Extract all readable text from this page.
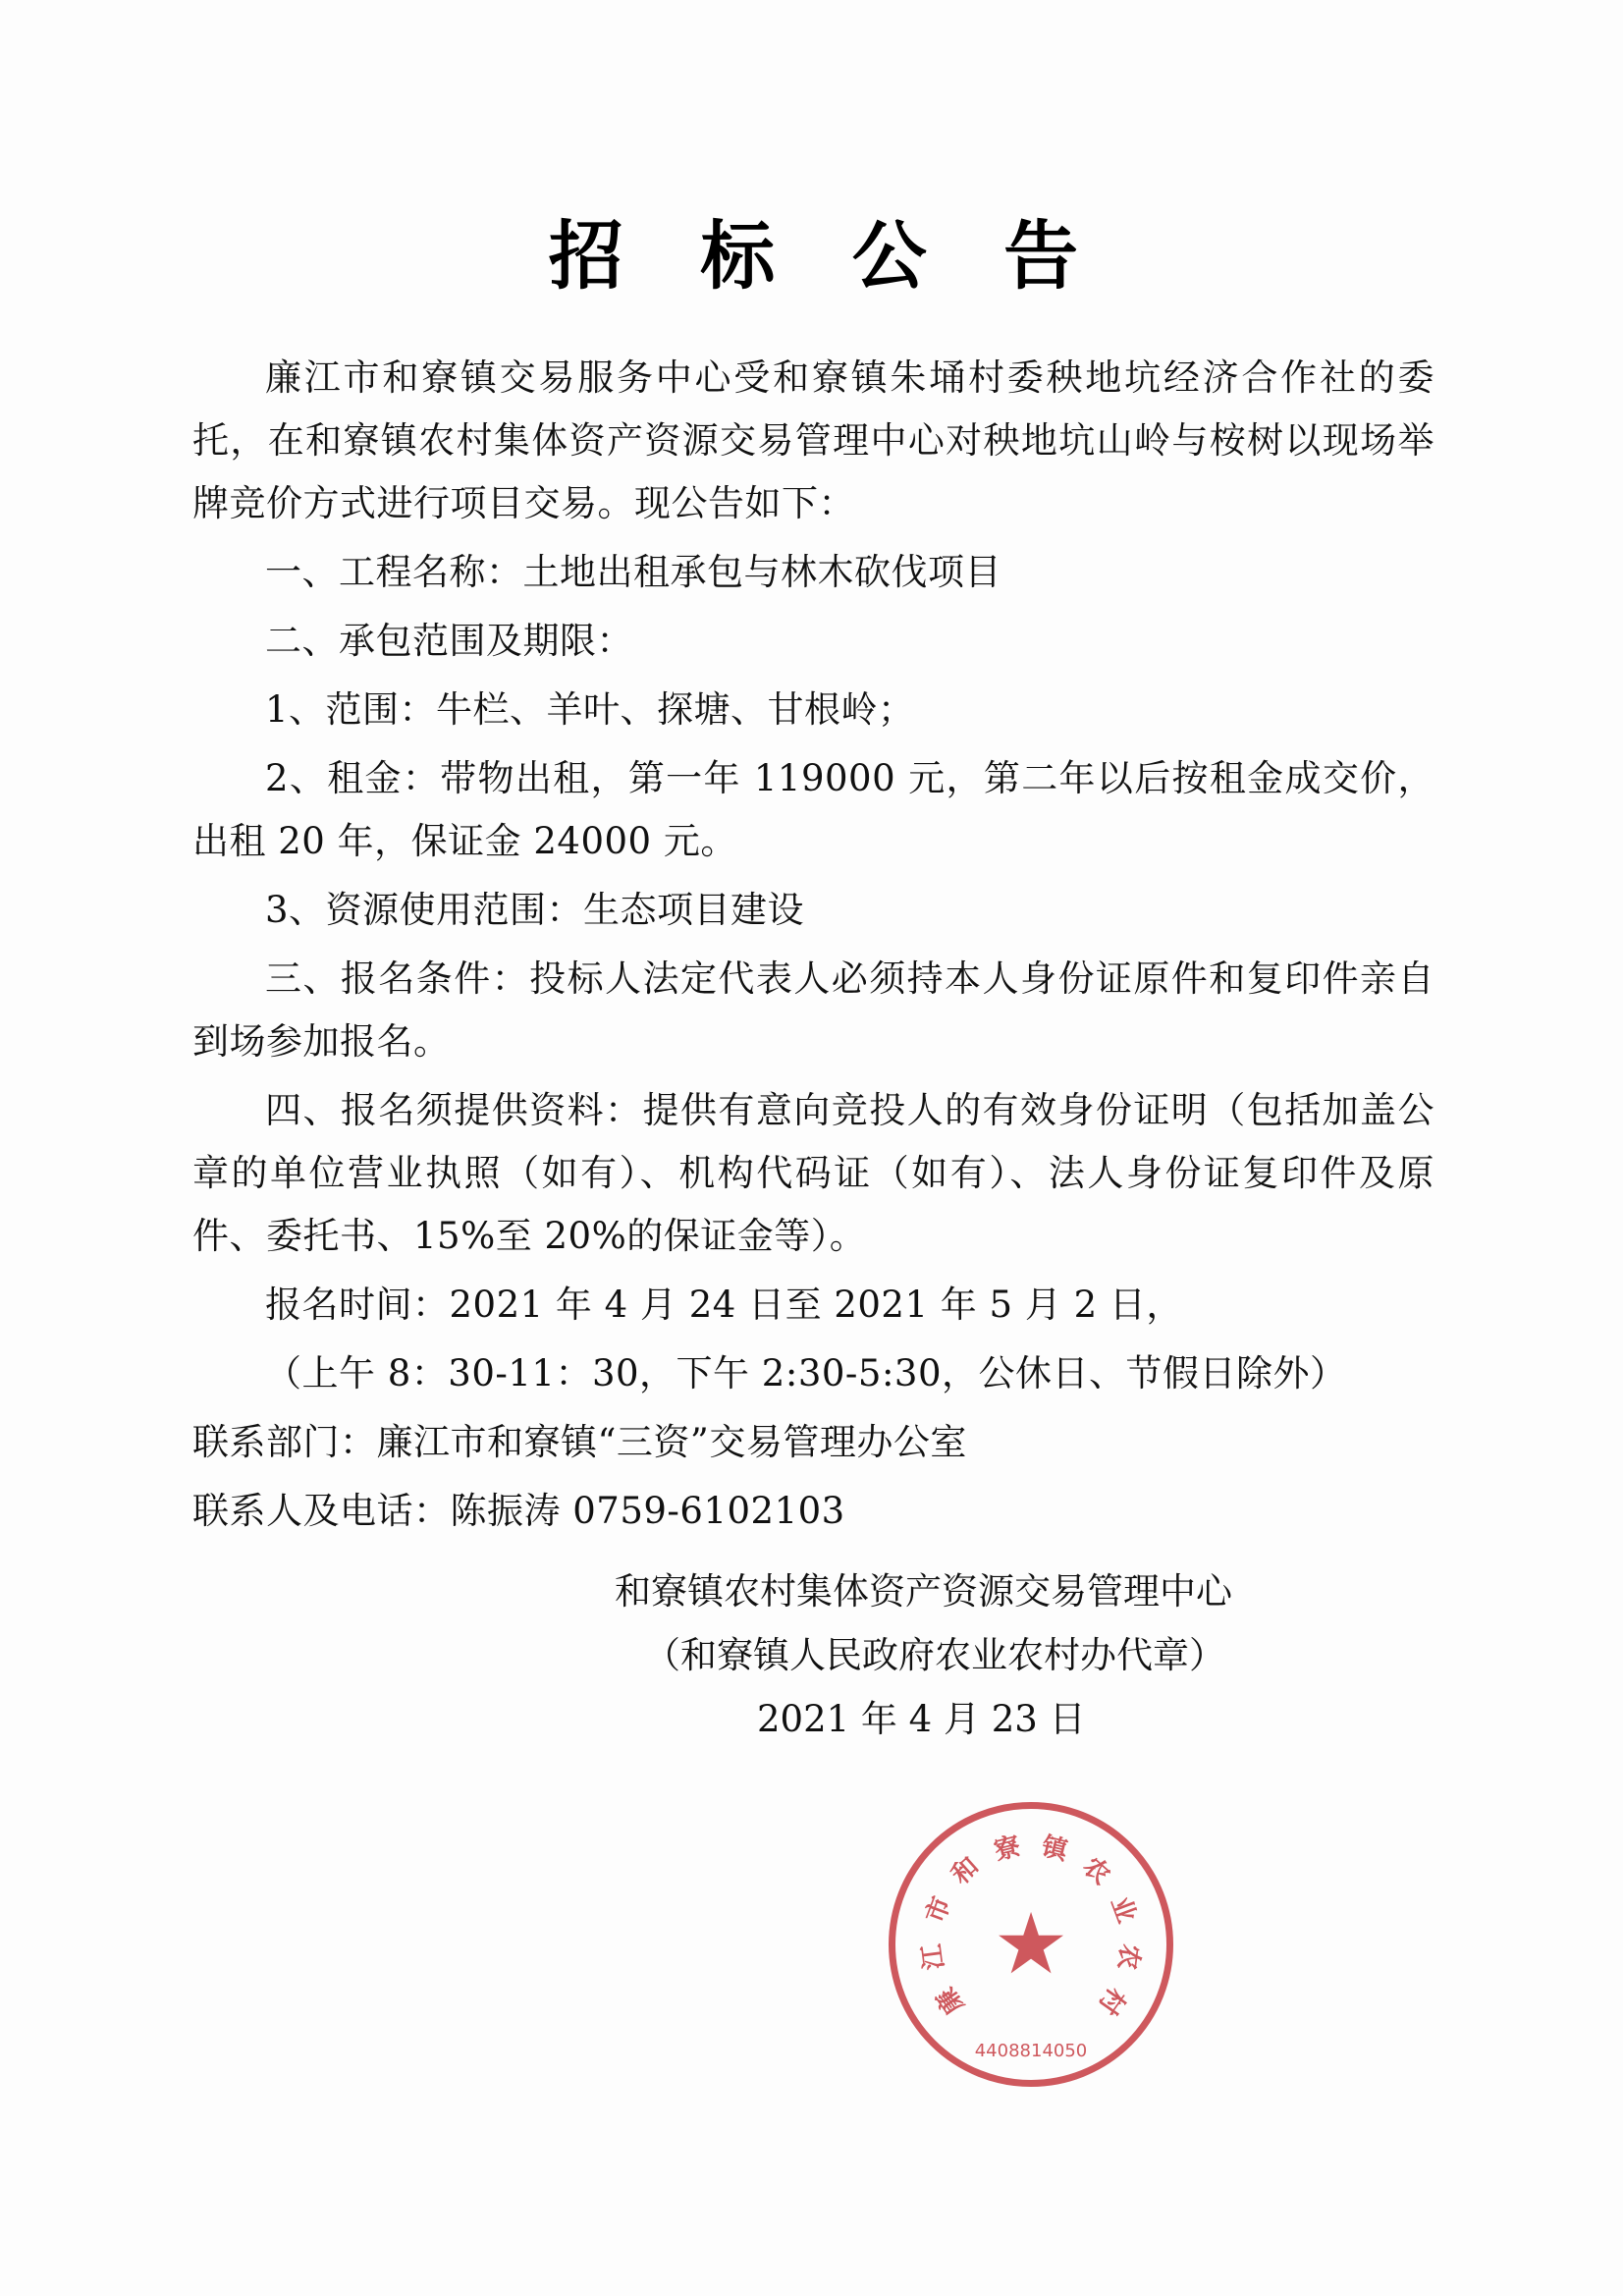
招 标 公 告

廉江市和寮镇交易服务中心受和寮镇朱埇村委秧地坑经济合作社的委托，在和寮镇农村集体资产资源交易管理中心对秧地坑山岭与桉树以现场举牌竞价方式进行项目交易。现公告如下：

一、工程名称：土地出租承包与林木砍伐项目

二、承包范围及期限：

1、范围：牛栏、羊叶、探塘、甘根岭；

2、租金：带物出租，第一年 119000 元，第二年以后按租金成交价，出租 20 年，保证金 24000 元。

3、资源使用范围：生态项目建设

三、报名条件：投标人法定代表人必须持本人身份证原件和复印件亲自到场参加报名。

四、报名须提供资料：提供有意向竞投人的有效身份证明（包括加盖公章的单位营业执照（如有）、机构代码证（如有）、法人身份证复印件及原件、委托书、15%至 20%的保证金等）。

报名时间：2021 年 4 月 24 日至 2021 年 5 月 2 日，

（上午 8：30-11：30，下午 2:30-5:30，公休日、节假日除外）

联系部门：廉江市和寮镇“三资”交易管理办公室

联系人及电话：陈振涛 0759-6102103

和寮镇农村集体资产资源交易管理中心

（和寮镇人民政府农业农村办代章）

2021 年 4 月 23 日

★
廉
江
市
和
寮 镇
农
业
农
村
4408814050
